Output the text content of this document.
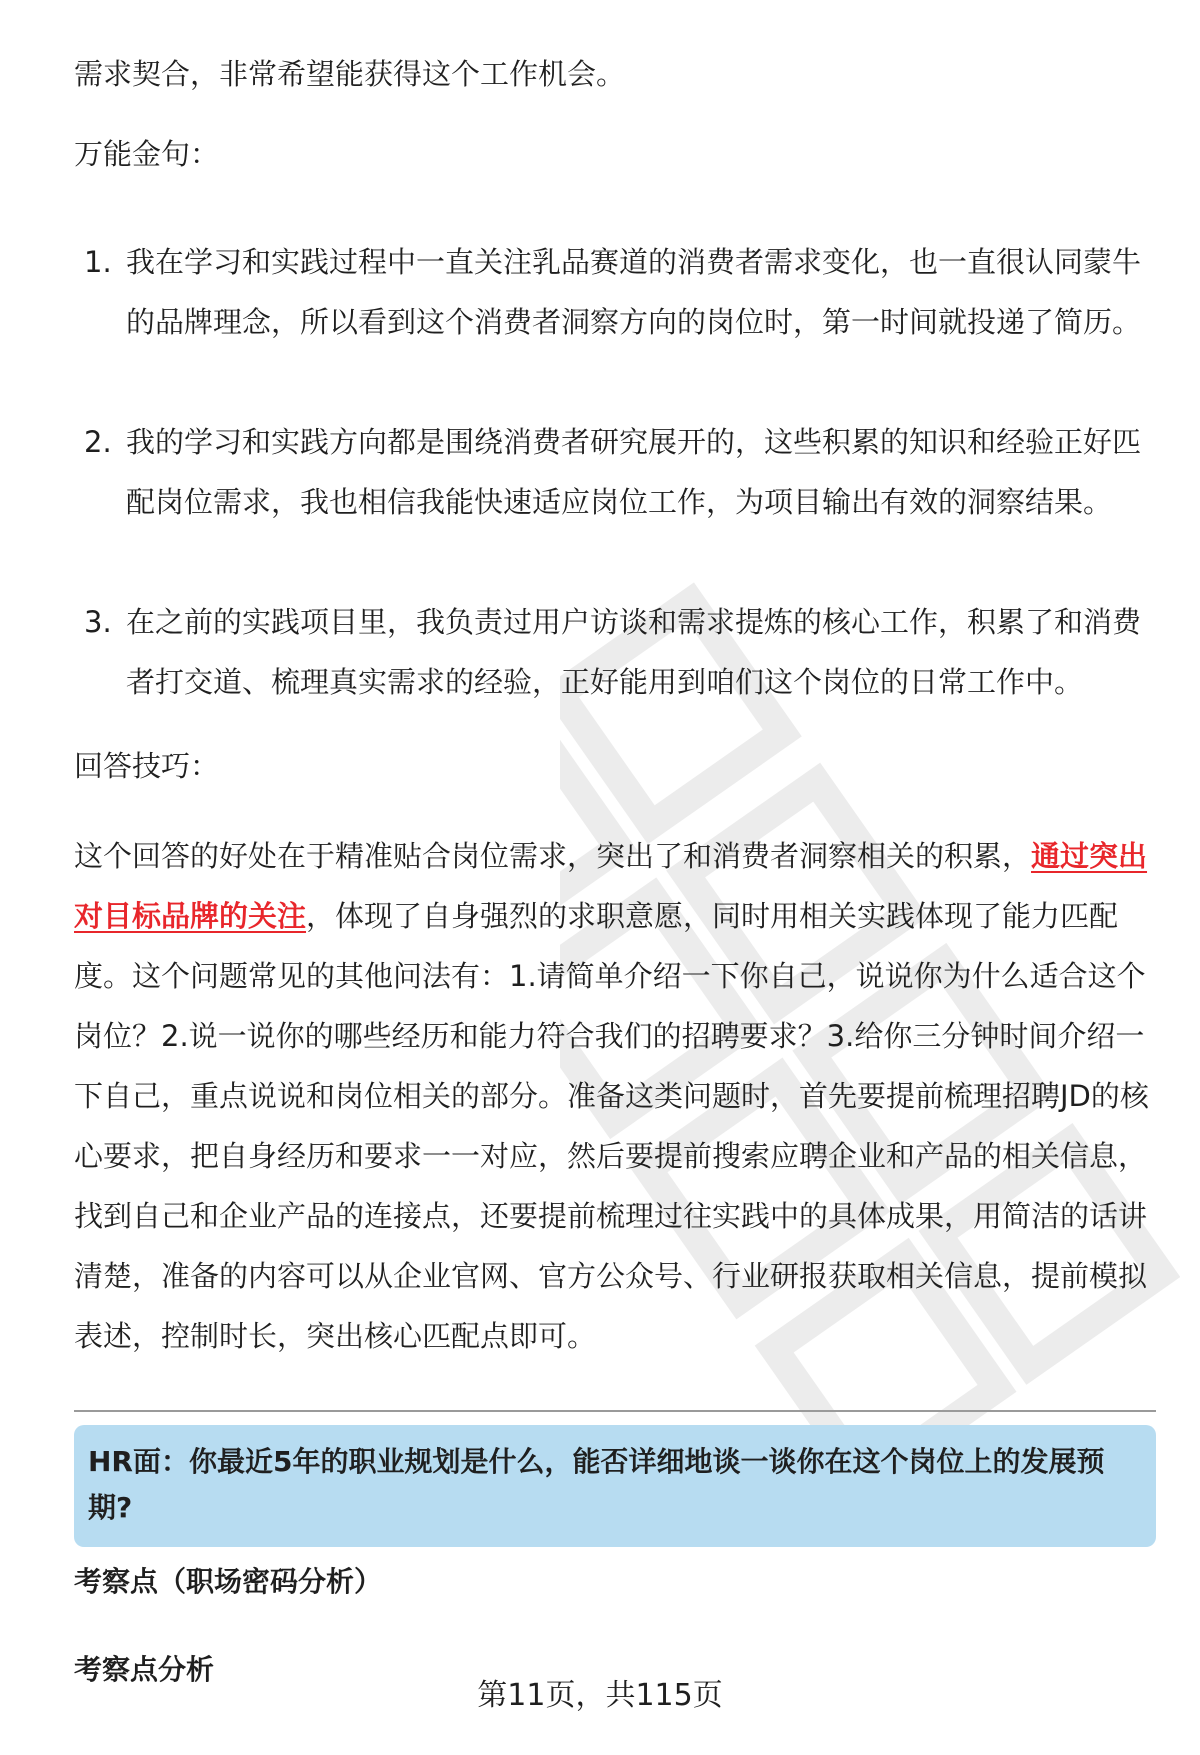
需求契合，非常希望能获得这个工作机会。

万能金句：

1. 我在学习和实践过程中一直关注乳品赛道的消费者需求变化，也一直很认同蒙牛的品牌理念，所以看到这个消费者洞察方向的岗位时，第一时间就投递了简历。
2. 我的学习和实践方向都是围绕消费者研究展开的，这些积累的知识和经验正好匹配岗位需求，我也相信我能快速适应岗位工作，为项目输出有效的洞察结果。
3. 在之前的实践项目里，我负责过用户访谈和需求提炼的核心工作，积累了和消费者打交道、梳理真实需求的经验，正好能用到咱们这个岗位的日常工作中。

回答技巧：

这个回答的好处在于精准贴合岗位需求，突出了和消费者洞察相关的积累，通过突出对目标品牌的关注，体现了自身强烈的求职意愿，同时用相关实践体现了能力匹配度。这个问题常见的其他问法有：1.请简单介绍一下你自己，说说你为什么适合这个岗位？2.说一说你的哪些经历和能力符合我们的招聘要求？3.给你三分钟时间介绍一下自己，重点说说和岗位相关的部分。准备这类问题时，首先要提前梳理招聘JD的核心要求，把自身经历和要求一一对应，然后要提前搜索应聘企业和产品的相关信息，找到自己和企业产品的连接点，还要提前梳理过往实践中的具体成果，用简洁的话讲清楚，准备的内容可以从企业官网、官方公众号、行业研报获取相关信息，提前模拟表述，控制时长，突出核心匹配点即可。

HR面：你最近5年的职业规划是什么，能否详细地谈一谈你在这个岗位上的发展预期?

考察点（职场密码分析）

考察点分析

第11页，共115页
